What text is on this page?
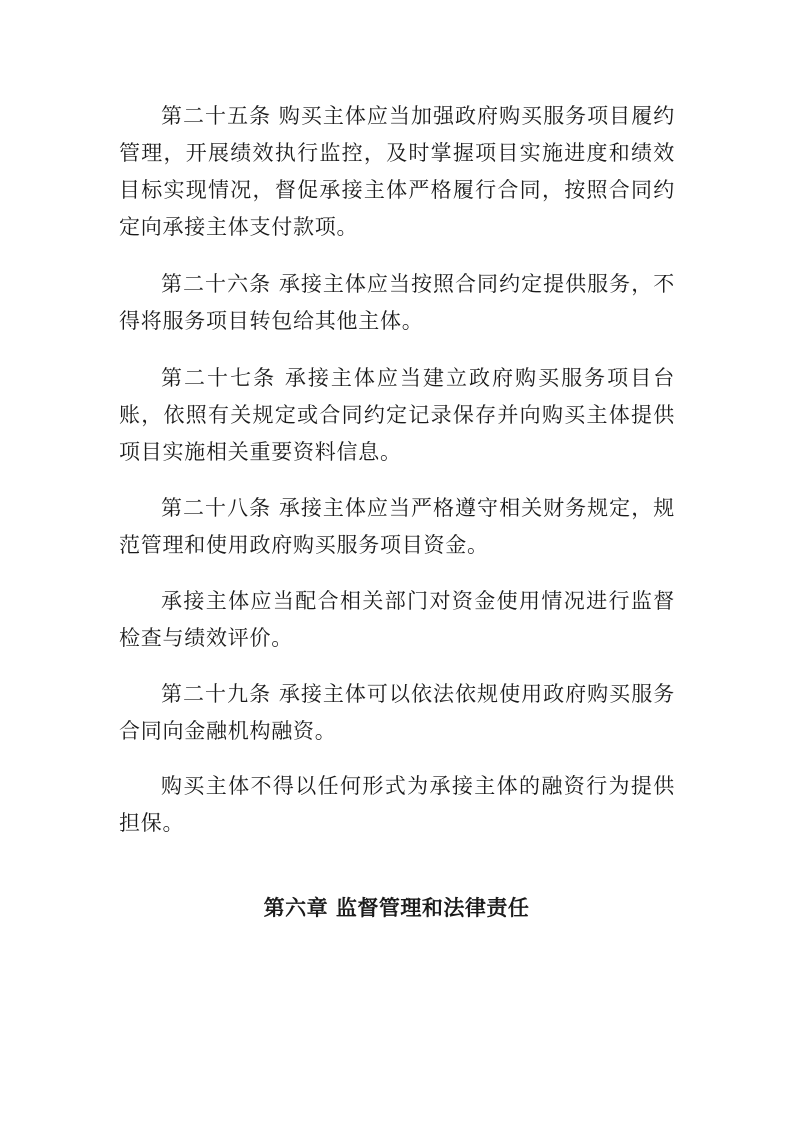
第二十五条 购买主体应当加强政府购买服务项目履约管理，开展绩效执行监控，及时掌握项目实施进度和绩效目标实现情况，督促承接主体严格履行合同，按照合同约定向承接主体支付款项。

第二十六条 承接主体应当按照合同约定提供服务，不得将服务项目转包给其他主体。

第二十七条 承接主体应当建立政府购买服务项目台账，依照有关规定或合同约定记录保存并向购买主体提供项目实施相关重要资料信息。

第二十八条 承接主体应当严格遵守相关财务规定，规范管理和使用政府购买服务项目资金。

承接主体应当配合相关部门对资金使用情况进行监督检查与绩效评价。

第二十九条 承接主体可以依法依规使用政府购买服务合同向金融机构融资。

购买主体不得以任何形式为承接主体的融资行为提供担保。

第六章 监督管理和法律责任
